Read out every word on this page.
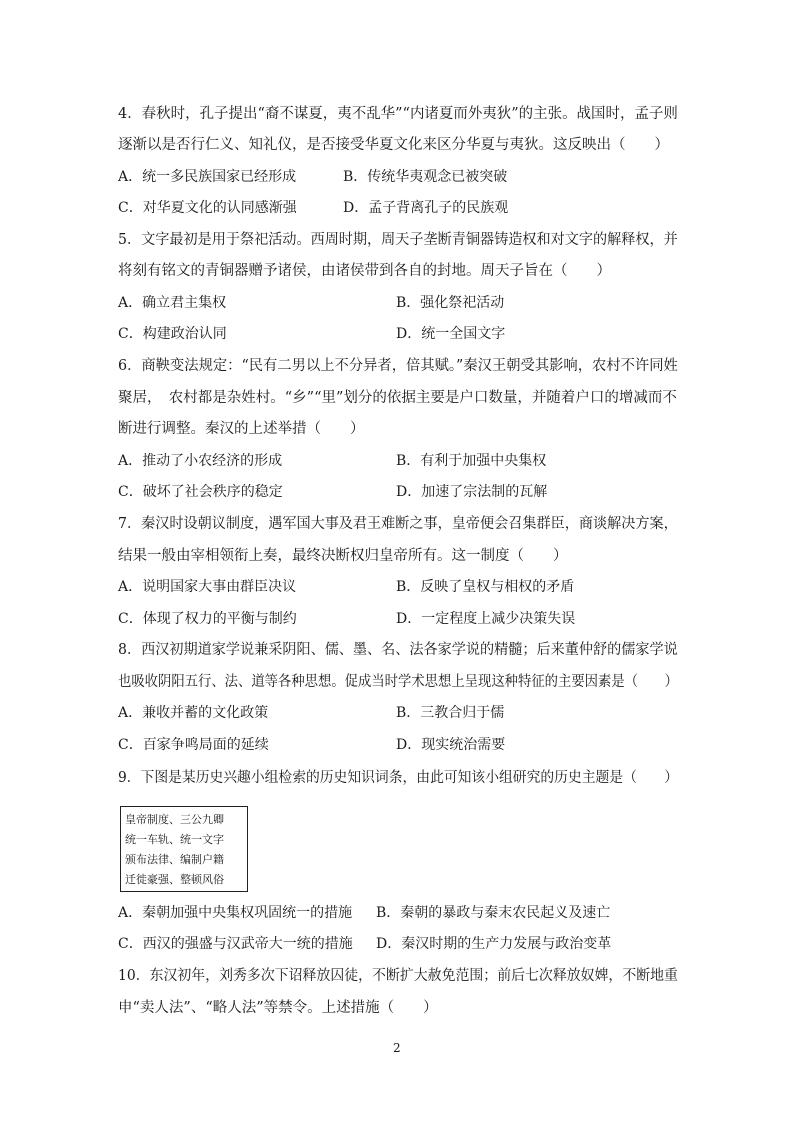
4．春秋时，孔子提出“裔不谋夏，夷不乱华”“内诸夏而外夷狄”的主张。战国时，孟子则
逐渐以是否行仁义、知礼仪，是否接受华夏文化来区分华夏与夷狄。这反映出（　　）
A．统一多民族国家已经形成	B．传统华夷观念已被突破
C．对华夏文化的认同感渐强	D．孟子背离孔子的民族观
5．文字最初是用于祭祀活动。西周时期，周天子垄断青铜器铸造权和对文字的解释权，并
将刻有铭文的青铜器赠予诸侯，由诸侯带到各自的封地。周天子旨在（　　）
A．确立君主集权	B．强化祭祀活动
C．构建政治认同	D．统一全国文字
6．商鞅变法规定：“民有二男以上不分异者，倍其赋。”秦汉王朝受其影响，农村不许同姓
聚居，　农村都是杂姓村。“乡”“里”划分的依据主要是户口数量，并随着户口的增减而不
断进行调整。秦汉的上述举措（　　）
A．推动了小农经济的形成	B．有利于加强中央集权
C．破坏了社会秩序的稳定	D．加速了宗法制的瓦解
7．秦汉时设朝议制度，遇军国大事及君王难断之事，皇帝便会召集群臣，商谈解决方案，
结果一般由宰相领衔上奏，最终决断权归皇帝所有。这一制度（　　）
A．说明国家大事由群臣决议	B．反映了皇权与相权的矛盾
C．体现了权力的平衡与制约	D．一定程度上减少决策失误
8．西汉初期道家学说兼采阴阳、儒、墨、名、法各家学说的精髓；后来董仲舒的儒家学说
也吸收阴阳五行、法、道等各种思想。促成当时学术思想上呈现这种特征的主要因素是（　　）
A．兼收并蓄的文化政策	B．三教合归于儒
C．百家争鸣局面的延续	D．现实统治需要
9．下图是某历史兴趣小组检索的历史知识词条，由此可知该小组研究的历史主题是（　　）
皇帝制度、三公九卿
统一车轨、统一文字
颁布法律、编制户籍
迁徙豪强、整顿风俗
A．秦朝加强中央集权巩固统一的措施 B．秦朝的暴政与秦末农民起义及速亡
C．西汉的强盛与汉武帝大一统的措施 D．秦汉时期的生产力发展与政治变革
10．东汉初年，刘秀多次下诏释放囚徒，不断扩大赦免范围；前后七次释放奴婢，不断地重
申“卖人法”、“略人法”等禁令。上述措施（　　）
2
